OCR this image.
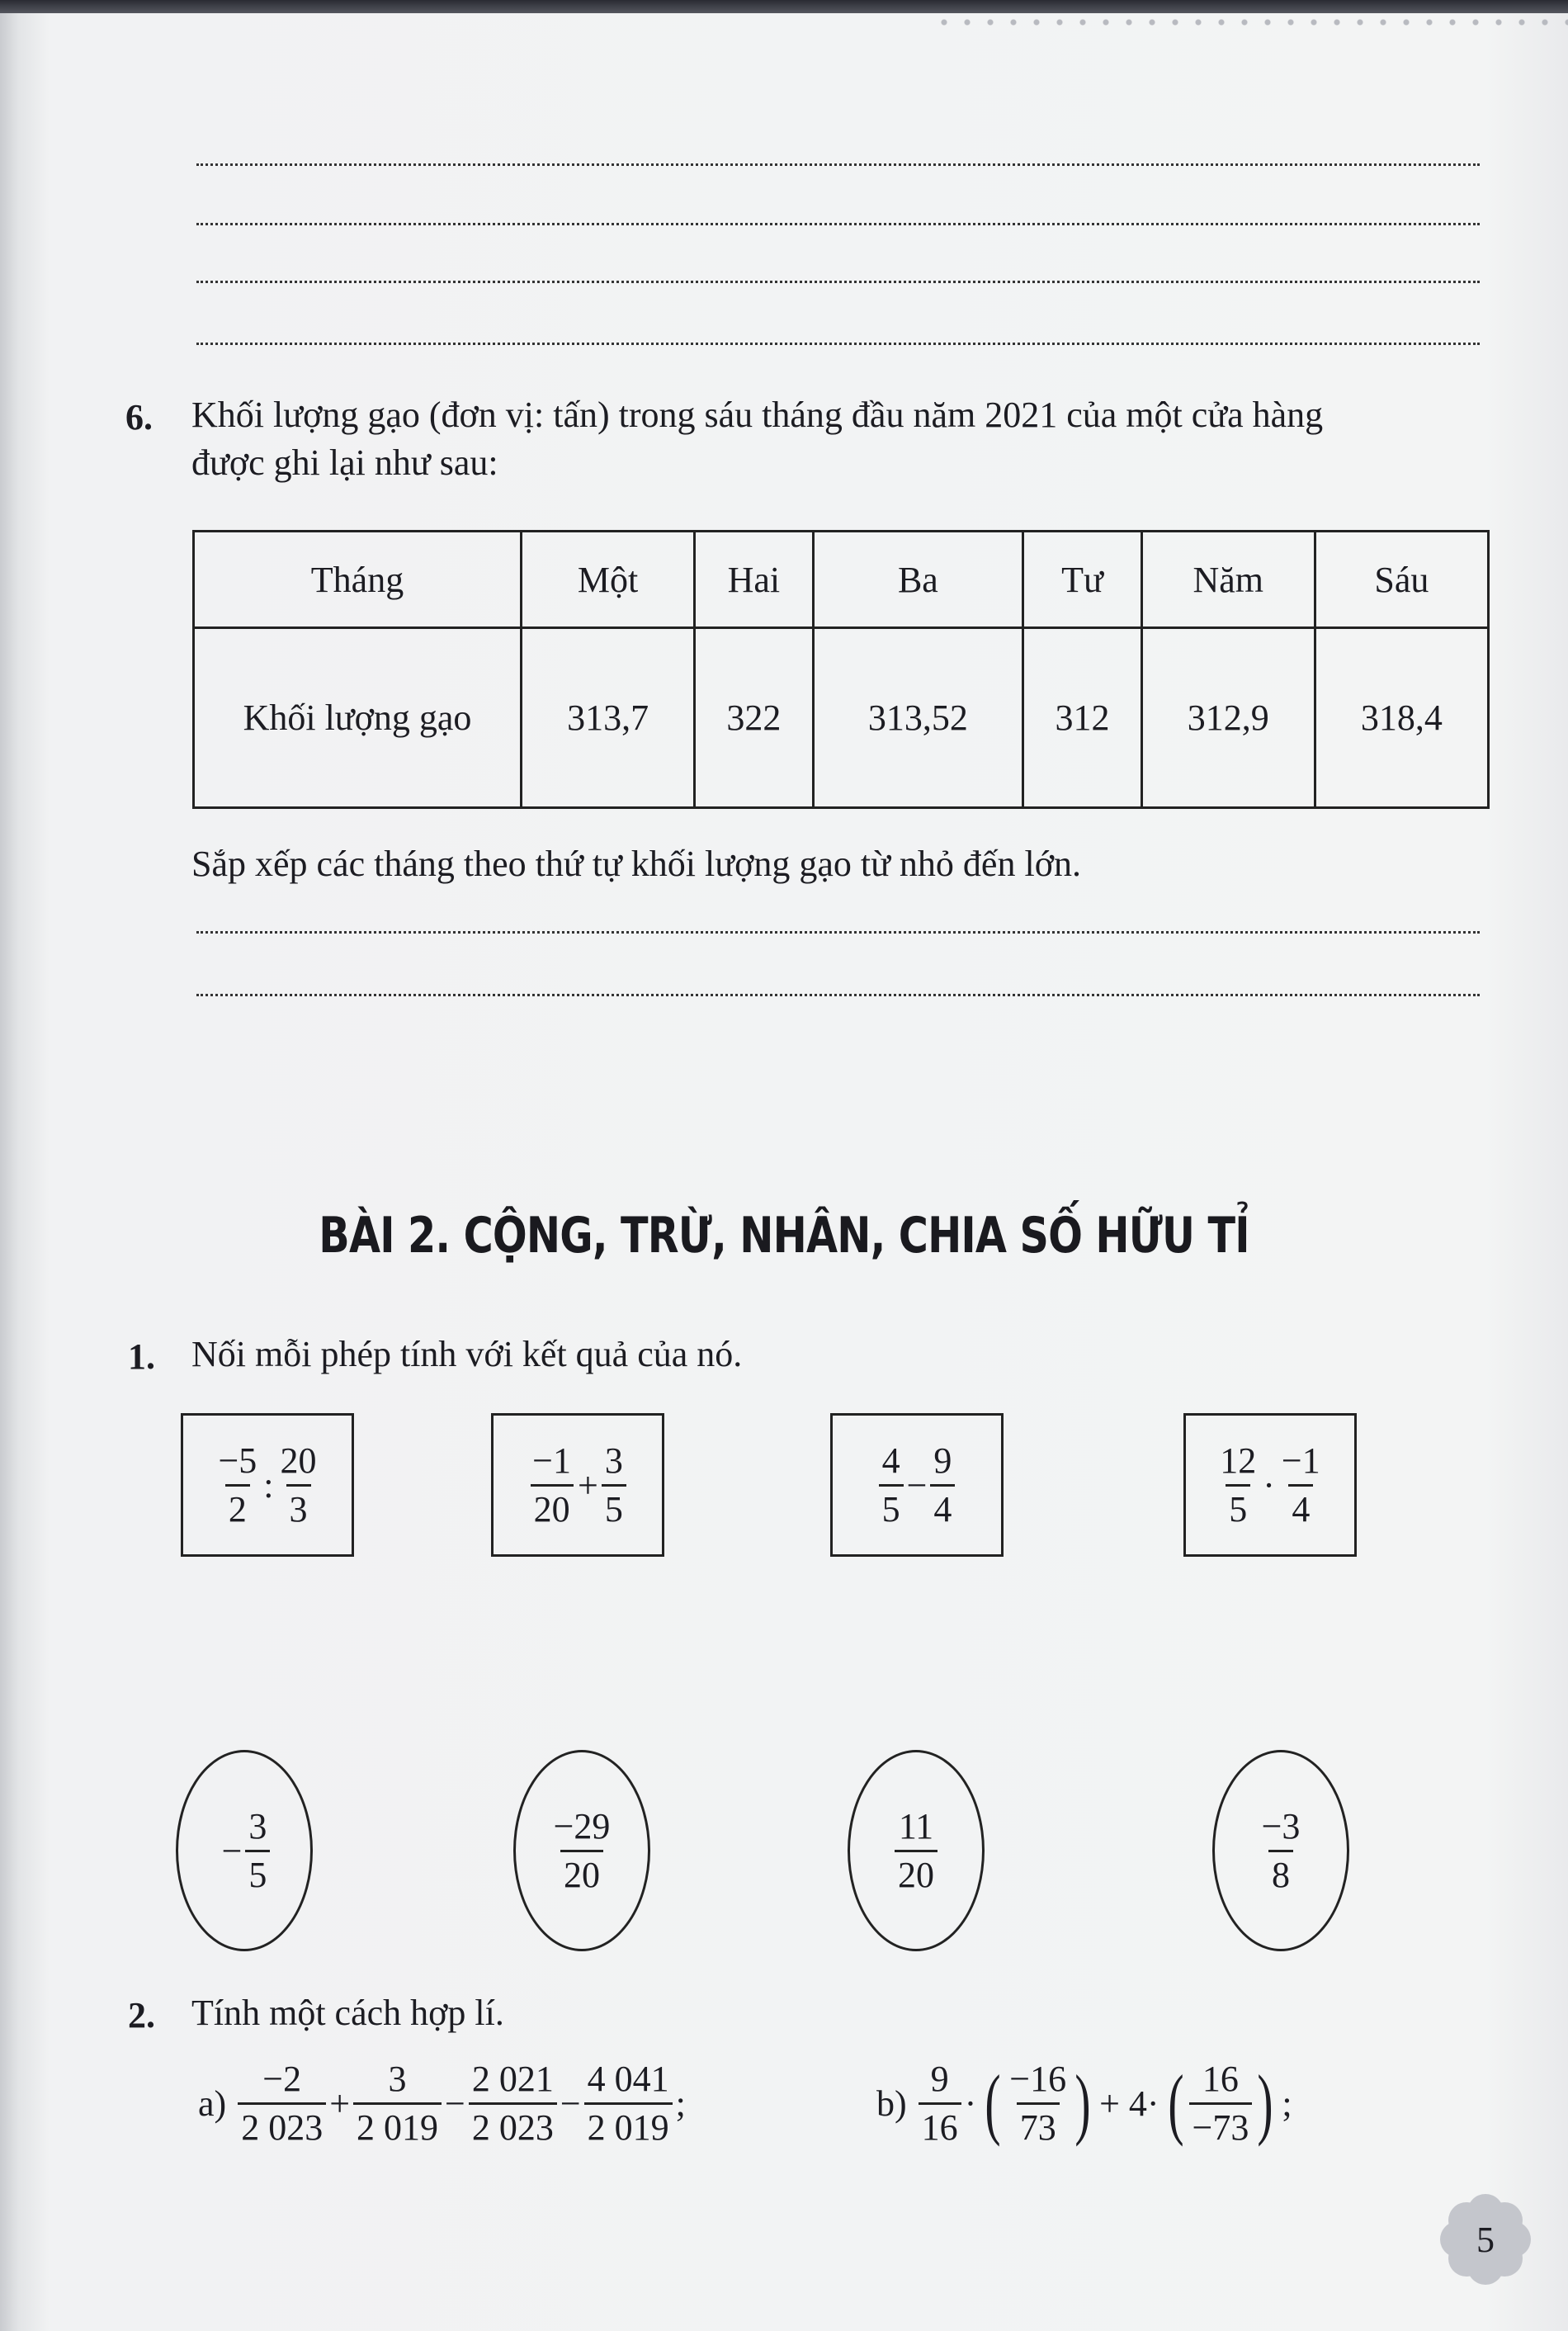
6. Khối lượng gạo (đơn vị: tấn) trong sáu tháng đầu năm 2021 của một cửa hàng
được ghi lại như sau:
Tháng	Một	Hai	Ba	Tư	Năm	Sáu
Khối lượng gạo	313,7	322	313,52	312	312,9	318,4
Sắp xếp các tháng theo thứ tự khối lượng gạo từ nhỏ đến lớn.
BÀI 2. CỘNG, TRỪ, NHÂN, CHIA SỐ HỮU TỈ
1. Nối mỗi phép tính với kết quả của nó.
$\frac{-5}{2}$ : $\frac{20}{3}$	$\frac{-1}{20} + \frac{3}{5}$	$\frac{4}{5} - \frac{9}{4}$	$\frac{12}{5} \cdot \frac{-1}{4}$
− $\frac{3}{5}$	$\frac{-29}{20}$	$\frac{11}{20}$	$\frac{-3}{8}$
2. Tính một cách hợp lí.
$a) \frac{-2}{2 023} + \frac{3}{2 019} - \frac{2 021}{2 023} - \frac{4 041}{2 019}$ ;	$b) \frac{9}{16}$ · ( $\frac{-16}{73}$ ) + 4· ( $\frac{16}{-73}$ ) ;
5
